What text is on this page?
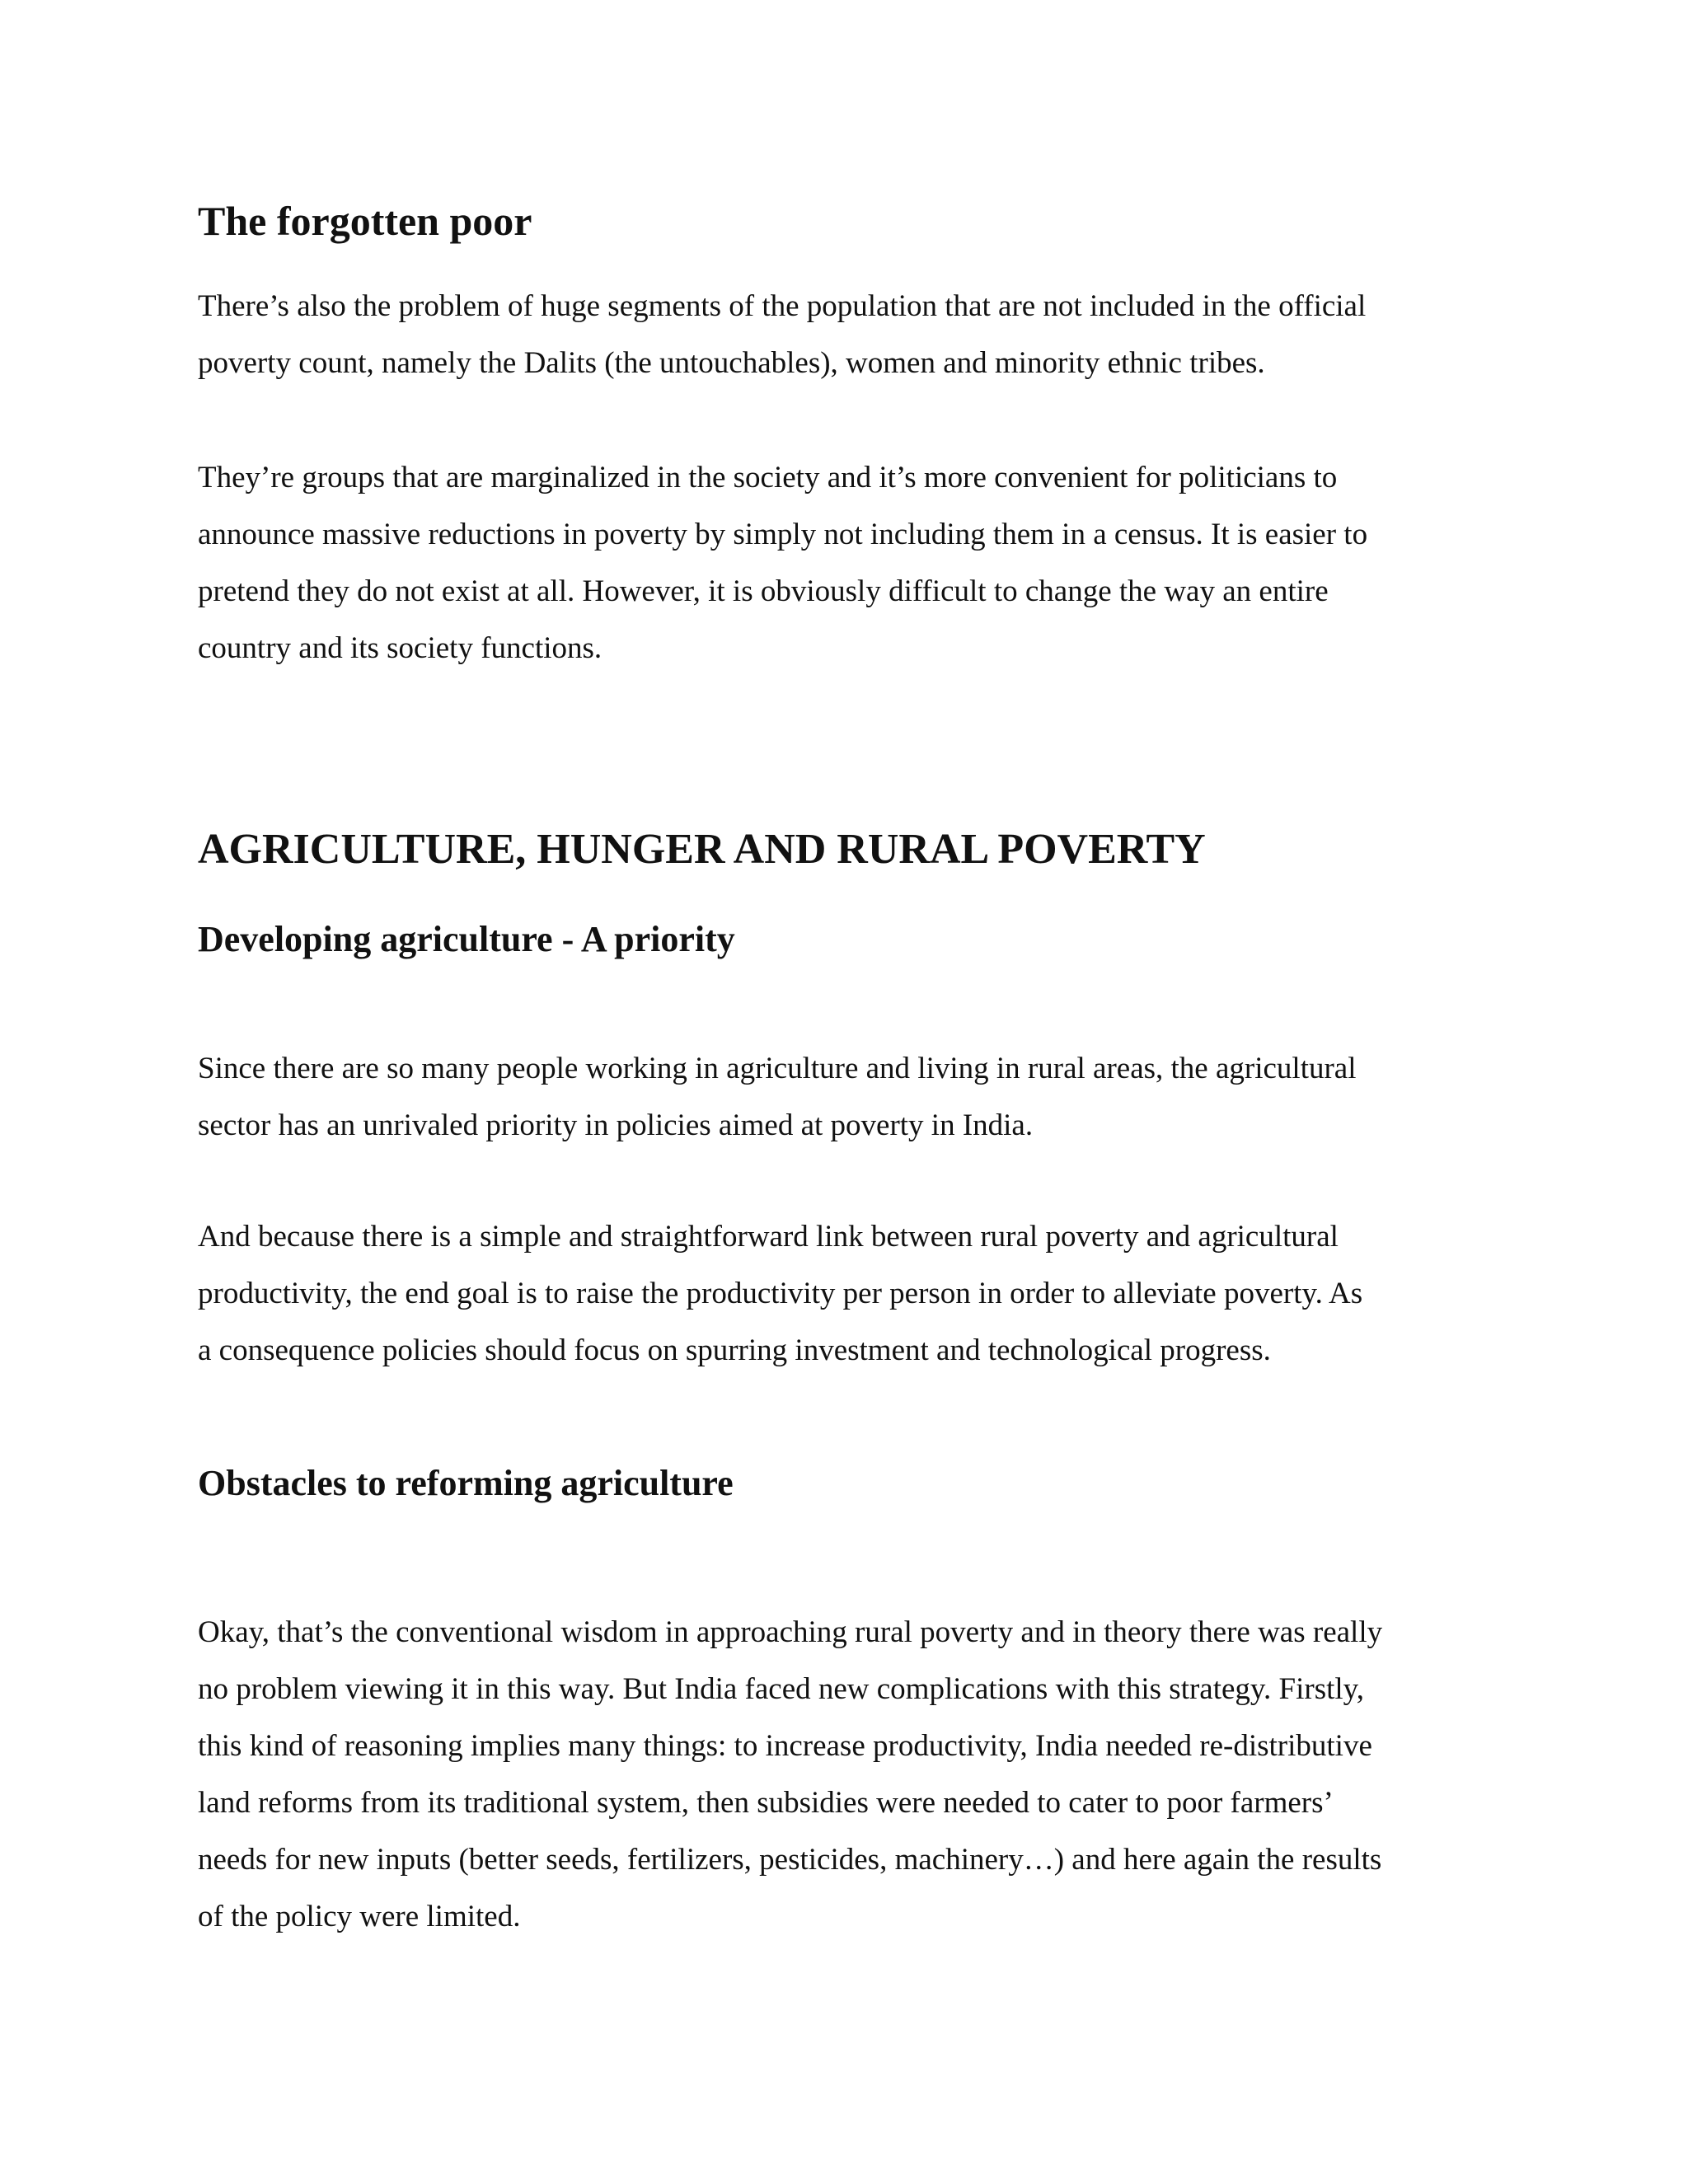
The forgotten poor
There’s also the problem of huge segments of the population that are not included in the official
poverty count, namely the Dalits (the untouchables), women and minority ethnic tribes.
They’re groups that are marginalized in the society and it’s more convenient for politicians to
announce massive reductions in poverty by simply not including them in a census. It is easier to
pretend they do not exist at all. However, it is obviously difficult to change the way an entire
country and its society functions.
AGRICULTURE, HUNGER AND RURAL POVERTY
Developing agriculture - A priority
Since there are so many people working in agriculture and living in rural areas, the agricultural
sector has an unrivaled priority in policies aimed at poverty in India.
And because there is a simple and straightforward link between rural poverty and agricultural
productivity, the end goal is to raise the productivity per person in order to alleviate poverty. As
a consequence policies should focus on spurring investment and technological progress.
Obstacles to reforming agriculture
Okay, that’s the conventional wisdom in approaching rural poverty and in theory there was really
no problem viewing it in this way. But India faced new complications with this strategy. Firstly,
this kind of reasoning implies many things: to increase productivity, India needed re-distributive
land reforms from its traditional system, then subsidies were needed to cater to poor farmers’
needs for new inputs (better seeds, fertilizers, pesticides, machinery…) and here again the results
of the policy were limited.
